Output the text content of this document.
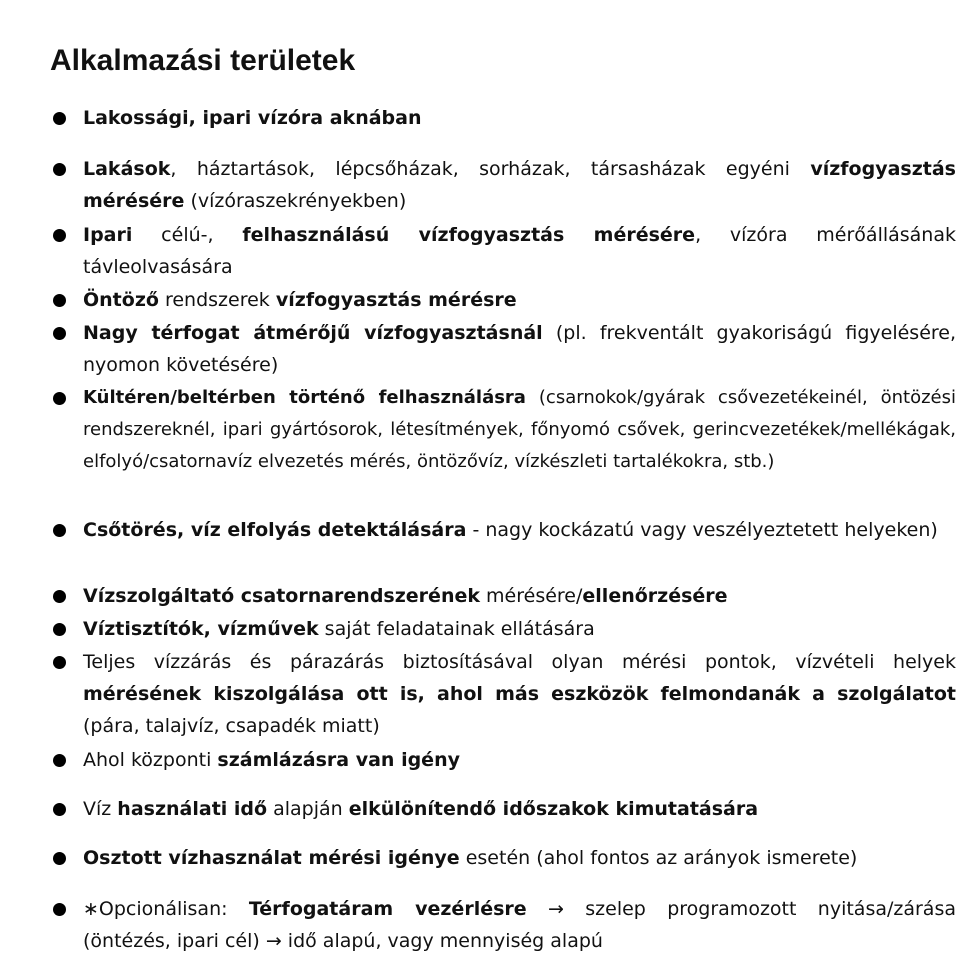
Alkalmazási területek
Lakossági, ipari vízóra aknában
Lakások, háztartások, lépcsőházak, sorházak, társasházak egyéni vízfogyasztás mérésére (vízóraszekrényekben)
Ipari célú-, felhasználású vízfogyasztás mérésére, vízóra mérőállásának távleolvasására
Öntöző rendszerek vízfogyasztás mérésre
Nagy térfogat átmérőjű vízfogyasztásnál (pl. frekventált gyakoriságú figyelésére, nyomon követésére)
Kültéren/beltérben történő felhasználásra (csarnokok/gyárak csővezetékeinél, öntözési rendszereknél, ipari gyártósorok, létesítmények, főnyomó csővek, gerincvezetékek/mellékágak, elfolyó/csatornavíz elvezetés mérés, öntözővíz, vízkészleti tartalékokra, stb.)
Csőtörés, víz elfolyás detektálására - nagy kockázatú vagy veszélyeztetett helyeken)
Vízszolgáltató csatornarendszerének mérésére/ellenőrzésére
Víztisztítók, vízművek saját feladatainak ellátására
Teljes vízzárás és párazárás biztosításával olyan mérési pontok, vízvételi helyek mérésének kiszolgálása ott is, ahol más eszközök felmondanák a szolgálatot (pára, talajvíz, csapadék miatt)
Ahol központi számlázásra van igény
Víz használati idő alapján elkülönítendő időszakok kimutatására
Osztott vízhasználat mérési igénye esetén (ahol fontos az arányok ismerete)
∗Opcionálisan: Térfogatáram vezérlésre → szelep programozott nyitása/zárása (öntézés, ipari cél) → idő alapú, vagy mennyiség alapú
